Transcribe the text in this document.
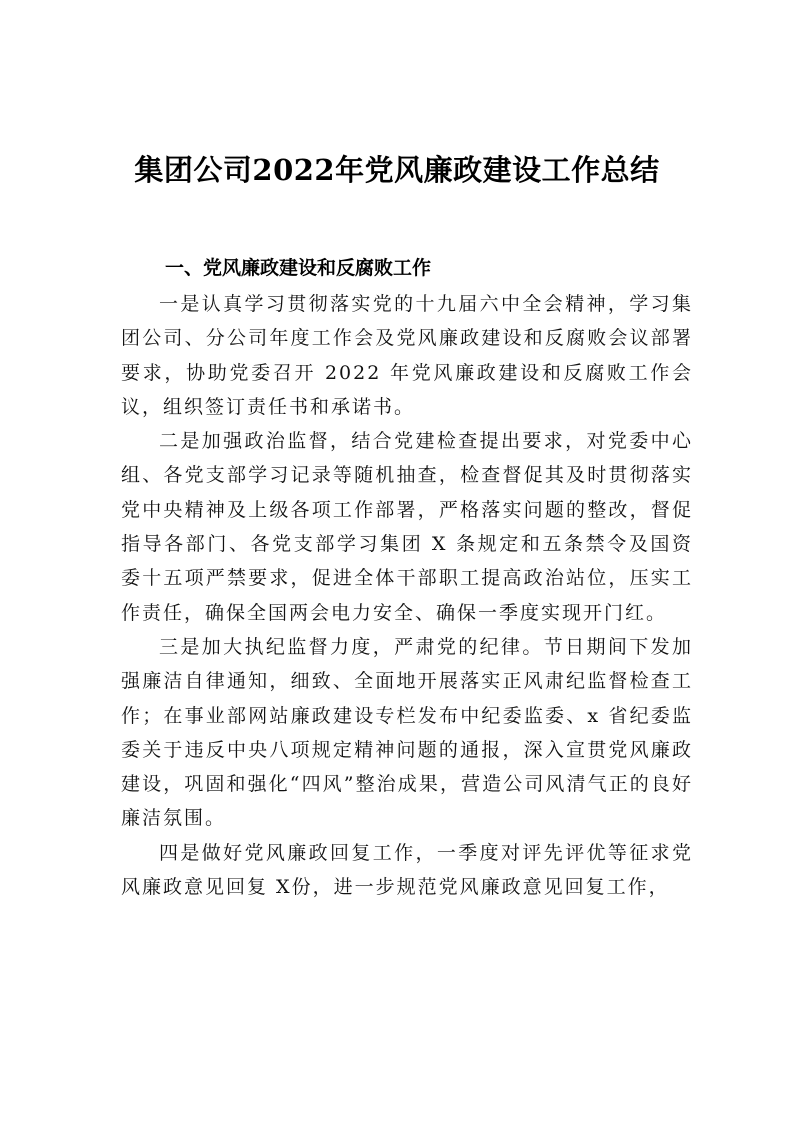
集团公司2022年党风廉政建设工作总结
一、党风廉政建设和反腐败工作

一是认真学习贯彻落实党的十九届六中全会精神，学习集团公司、分公司年度工作会及党风廉政建设和反腐败会议部署要求，协助党委召开 2022 年党风廉政建设和反腐败工作会议，组织签订责任书和承诺书。

二是加强政治监督，结合党建检查提出要求，对党委中心组、各党支部学习记录等随机抽查，检查督促其及时贯彻落实党中央精神及上级各项工作部署，严格落实问题的整改，督促指导各部门、各党支部学习集团 X 条规定和五条禁令及国资委十五项严禁要求，促进全体干部职工提高政治站位，压实工作责任，确保全国两会电力安全、确保一季度实现开门红。

三是加大执纪监督力度，严肃党的纪律。节日期间下发加强廉洁自律通知，细致、全面地开展落实正风肃纪监督检查工作；在事业部网站廉政建设专栏发布中纪委监委、x 省纪委监委关于违反中央八项规定精神问题的通报，深入宣贯党风廉政建设，巩固和强化“四风”整治成果，营造公司风清气正的良好廉洁氛围。

四是做好党风廉政回复工作，一季度对评先评优等征求党风廉政意见回复 X份，进一步规范党风廉政意见回复工作，
